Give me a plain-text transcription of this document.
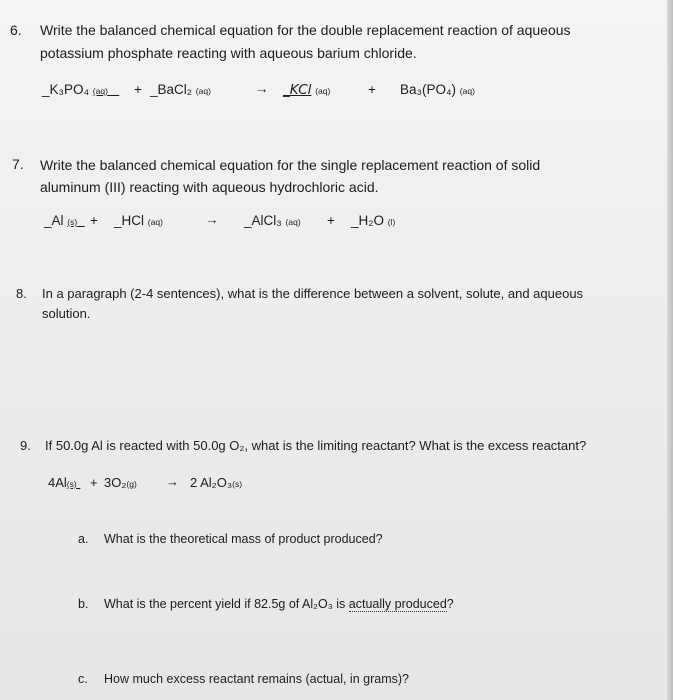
6. Write the balanced chemical equation for the double replacement reaction of aqueous
potassium phosphate reacting with aqueous barium chloride.
_K₃PO₄ (aq)	+ _BaCl₂ (aq)	→ _KCl (aq)	+ Ba₃(PO₄) (aq)
7. Write the balanced chemical equation for the single replacement reaction of solid
aluminum (III) reacting with aqueous hydrochloric acid.
_Al (s) + _HCl (aq)	→ _AlCl₃ (aq) + _H₂O (l)
8. In a paragraph (2-4 sentences), what is the difference between a solvent, solute, and aqueous
solution.
9. If 50.0g Al is reacted with 50.0g O₂, what is the limiting reactant? What is the excess reactant?
4Al(s) + 3O₂(g) → 2 Al₂O₃(s)
a. What is the theoretical mass of product produced?
b. What is the percent yield if 82.5g of Al₂O₃ is actually produced?
c. How much excess reactant remains (actual, in grams)?
